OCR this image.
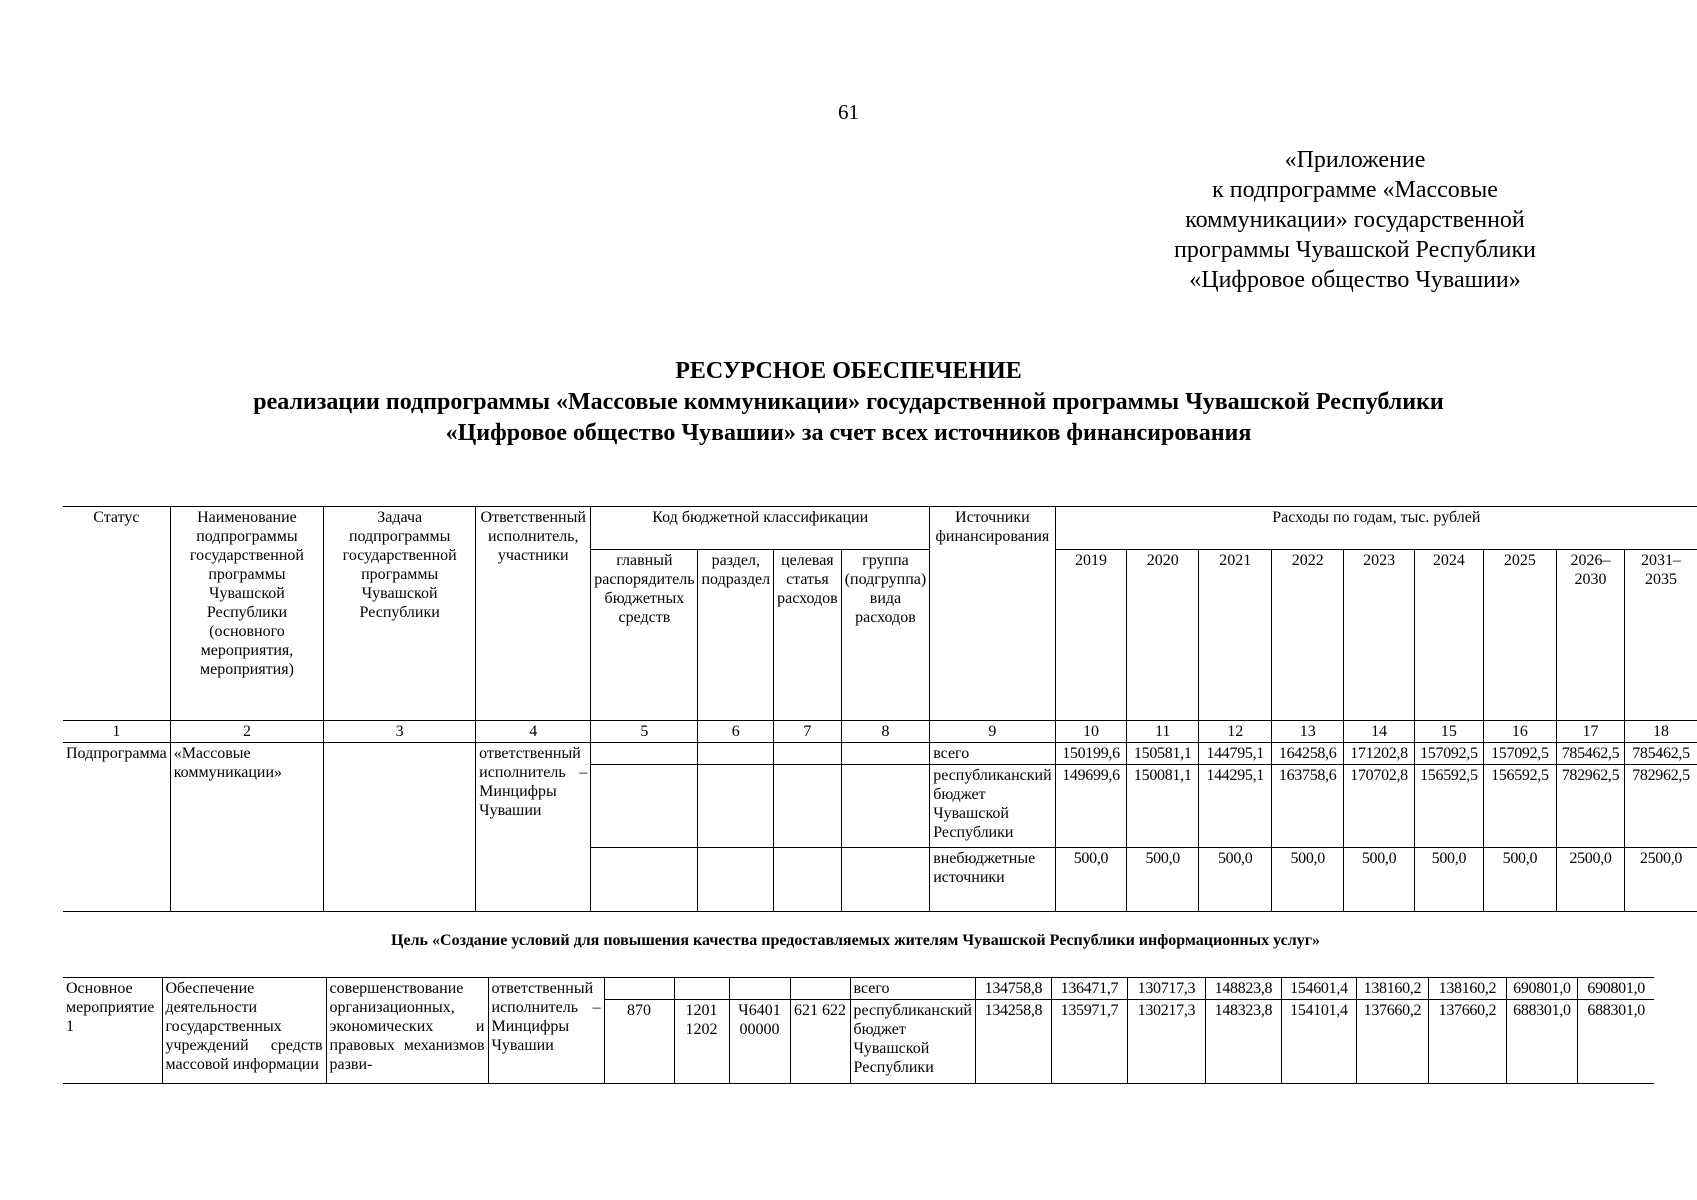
61
«Приложение
к подпрограмме «Массовые
коммуникации» государственной
программы Чувашской Республики
«Цифровое общество Чувашии»
РЕСУРСНОЕ ОБЕСПЕЧЕНИЕ
реализации подпрограммы «Массовые коммуникации» государственной программы Чувашской Республики
«Цифровое общество Чувашии» за счет всех источников финансирования
Статус	Наименование подпрограммы государственной программы Чувашской Республики (основного мероприятия, мероприятия)	Задача подпрограммы государственной программы Чувашской Республики	Ответственный исполнитель, участники	Код бюджетной классификации				Источники финансирования	Расходы по годам, тыс. рублей								
				главный распорядитель бюджетных средств	раздел, подраздел	целевая статья расходов	группа (подгруппа) вида расходов		2019	2020	2021	2022	2023	2024	2025	2026–2030	2031–2035
1	2	3	4	5	6	7	8	9	10	11	12	13	14	15	16	17	18
Подпрограмма	«Массовые коммуникации»		ответственный исполнитель – Минцифры Чувашии					всего	150199,6	150581,1	144795,1	164258,6	171202,8	157092,5	157092,5	785462,5	785462,5
								республиканский бюджет Чувашской Республики	149699,6	150081,1	144295,1	163758,6	170702,8	156592,5	156592,5	782962,5	782962,5
								внебюджетные источники	500,0	500,0	500,0	500,0	500,0	500,0	500,0	2500,0	2500,0
Цель «Создание условий для повышения качества предоставляемых жителям Чувашской Республики информационных услуг»
Основное мероприятие 1	Обеспечение деятельности государственных учреждений средств массовой информации	совершенствование организационных, экономических и правовых механизмов разви-	ответственный исполнитель – Минцифры Чувашии					всего	134758,8	136471,7	130717,3	148823,8	154601,4	138160,2	138160,2	690801,0	690801,0
				870	1201 1202	Ч6401 00000	621 622	республиканский бюджет Чувашской Республики	134258,8	135971,7	130217,3	148323,8	154101,4	137660,2	137660,2	688301,0	688301,0
